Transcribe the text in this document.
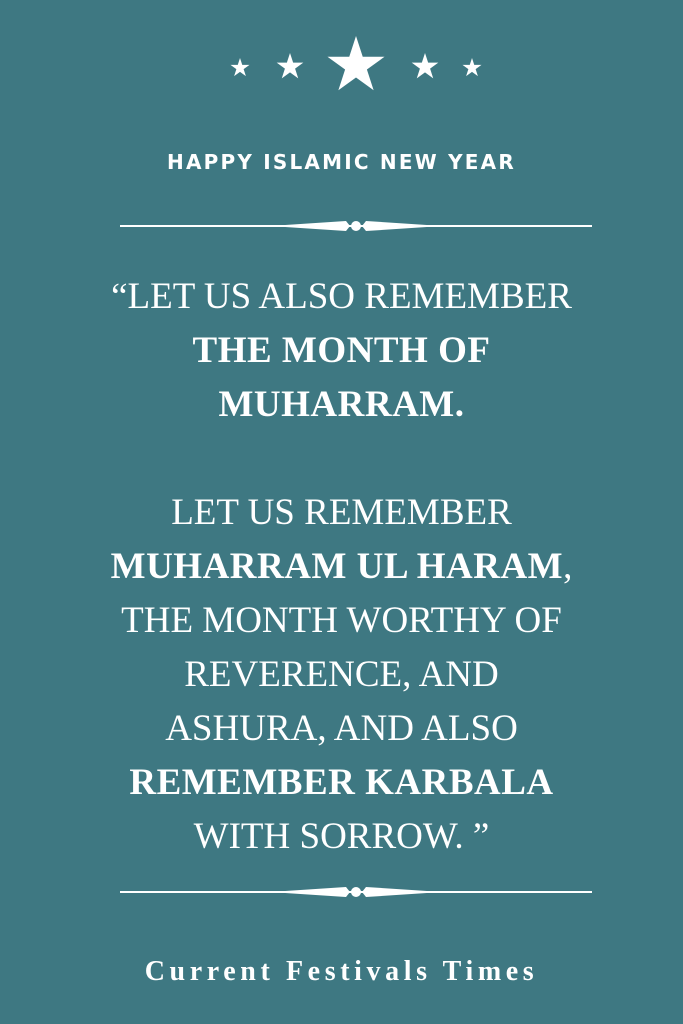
HAPPY ISLAMIC NEW YEAR

“LET US ALSO REMEMBER

THE MONTH OF

MUHARRAM.

LET US REMEMBER

MUHARRAM UL HARAM,

THE MONTH WORTHY OF

REVERENCE, AND

ASHURA, AND ALSO

REMEMBER KARBALA

WITH SORROW. ”

Current Festivals Times
